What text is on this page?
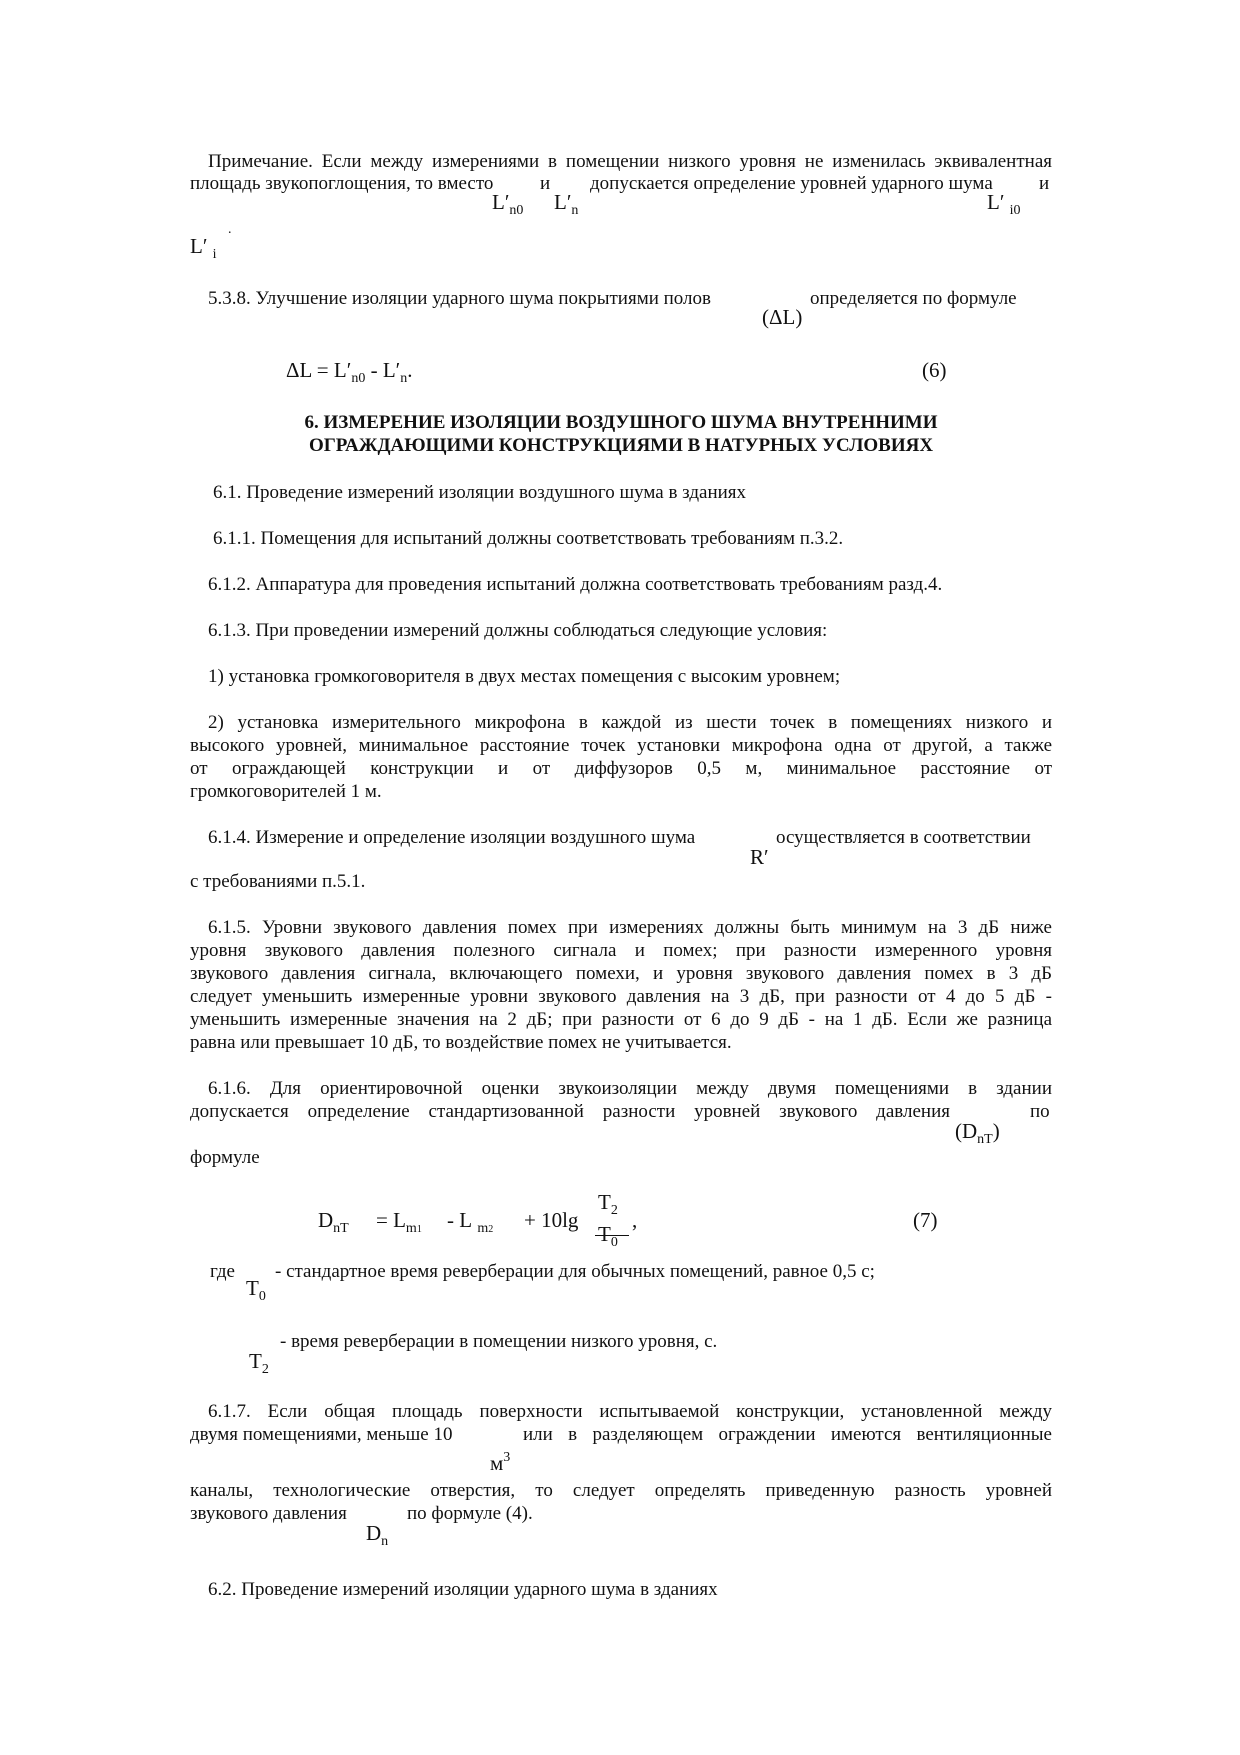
Примечание. Если между измерениями в помещении низкого уровня не изменилась эквивалентная
площадь звукопоглощения, то вместо и допускается определение уровней ударного шума и
$L'_{n0}$ $L'_n$	L′ $_{i0}$
.
L′ $_i$
5.3.8. Улучшение изоляции ударного шума покрытиями полов	определяется по формуле
(ΔL)
$\Delta L = L'_{n0} - L'_n$.	(6)
6. ИЗМЕРЕНИЕ ИЗОЛЯЦИИ ВОЗДУШНОГО ШУМА ВНУТРЕННИМИ
ОГРАЖДАЮЩИМИ КОНСТРУКЦИЯМИ В НАТУРНЫХ УСЛОВИЯХ
6.1. Проведение измерений изоляции воздушного шума в зданиях
6.1.1. Помещения для испытаний должны соответствовать требованиям п.3.2.
6.1.2. Аппаратура для проведения испытаний должна соответствовать требованиям разд.4.
6.1.3. При проведении измерений должны соблюдаться следующие условия:
1) установка громкоговорителя в двух местах помещения с высоким уровнем;
2) установка измерительного микрофона в каждой из шести точек в помещениях низкого и
высокого уровней, минимальное расстояние точек установки микрофона одна от другой, а также
от ограждающей конструкции и от диффузоров 0,5 м, минимальное расстояние от
громкоговорителей 1 м.
6.1.4. Измерение и определение изоляции воздушного шума	осуществляется в соответствии
R′
с требованиями п.5.1.
6.1.5. Уровни звукового давления помех при измерениях должны быть минимум на 3 дБ ниже
уровня звукового давления полезного сигнала и помех; при разности измеренного уровня
звукового давления сигнала, включающего помехи, и уровня звукового давления помех в 3 дБ
следует уменьшить измеренные уровни звукового давления на 3 дБ, при разности от 4 до 5 дБ -
уменьшить измеренные значения на 2 дБ; при разности от 6 до 9 дБ - на 1 дБ. Если же разница
равна или превышает 10 дБ, то воздействие помех не учитывается.
6.1.6. Для ориентировочной оценки звукоизоляции между двумя помещениями в здании
допускается определение стандартизованной разности уровней звукового давления	по
$(D_{nT})$
формуле
$D_{nT} = L_{m1} - L$ $_{m2}$ + 10lg
$T_2$
$T_0$
,	(7)
где - стандартное время реверберации для обычных помещений, равное 0,5 с;
$T_0$
- время реверберации в помещении низкого уровня, с.
$T_2$
6.1.7. Если общая площадь поверхности испытываемой конструкции, установленной между
двумя помещениями, меньше 10	или в разделяющем ограждении имеются вентиляционные
$м^3$
каналы, технологические отверстия, то следует определять приведенную разность уровней
звукового давления	по формуле (4).
$D_n$
6.2. Проведение измерений изоляции ударного шума в зданиях
